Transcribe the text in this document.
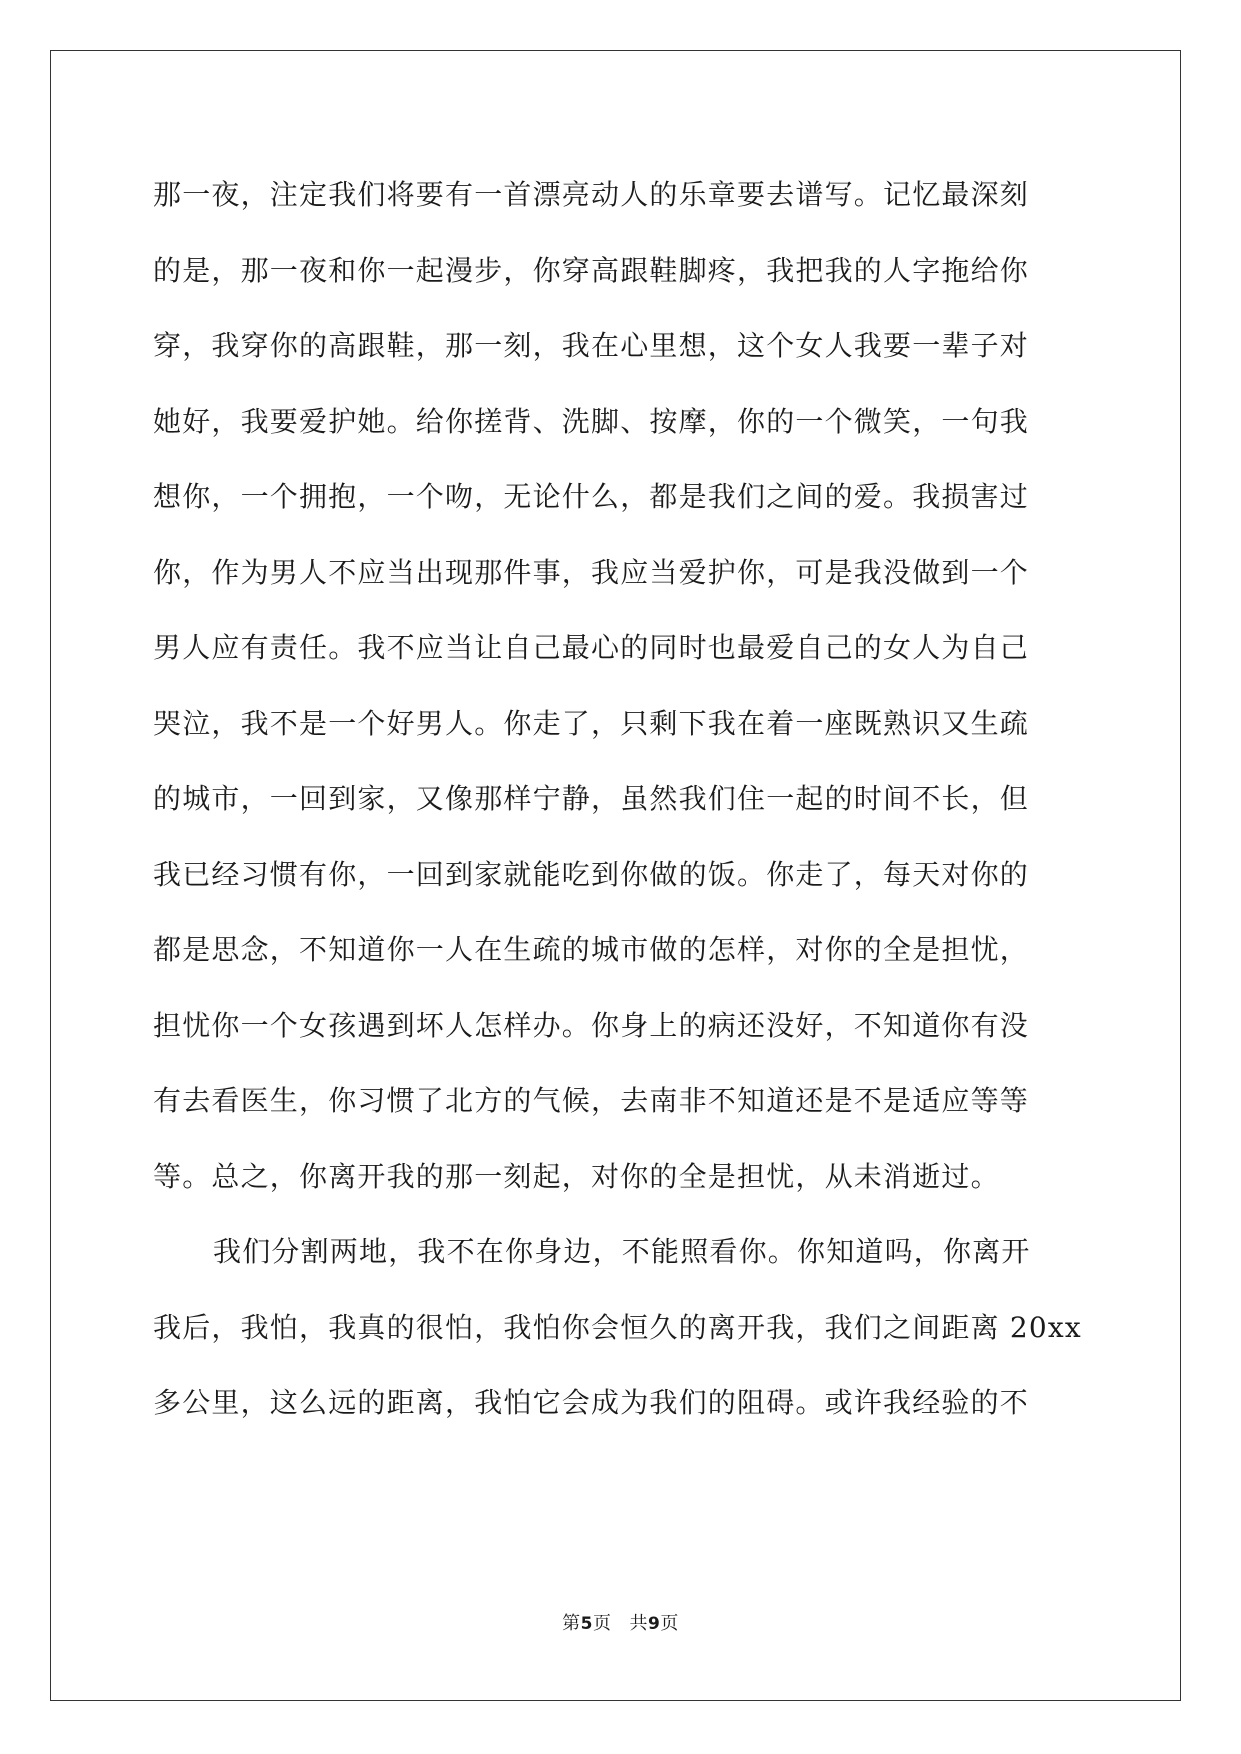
那一夜，注定我们将要有一首漂亮动人的乐章要去谱写。记忆最深刻
的是，那一夜和你一起漫步，你穿高跟鞋脚疼，我把我的人字拖给你
穿，我穿你的高跟鞋，那一刻，我在心里想，这个女人我要一辈子对
她好，我要爱护她。给你搓背、洗脚、按摩，你的一个微笑，一句我
想你，一个拥抱，一个吻，无论什么，都是我们之间的爱。我损害过
你，作为男人不应当出现那件事，我应当爱护你，可是我没做到一个
男人应有责任。我不应当让自己最心的同时也最爱自己的女人为自己
哭泣，我不是一个好男人。你走了，只剩下我在着一座既熟识又生疏
的城市，一回到家，又像那样宁静，虽然我们住一起的时间不长，但
我已经习惯有你，一回到家就能吃到你做的饭。你走了，每天对你的
都是思念，不知道你一人在生疏的城市做的怎样，对你的全是担忧，
担忧你一个女孩遇到坏人怎样办。你身上的病还没好，不知道你有没
有去看医生，你习惯了北方的气候，去南非不知道还是不是适应等等
等。总之，你离开我的那一刻起，对你的全是担忧，从未消逝过。
我们分割两地，我不在你身边，不能照看你。你知道吗，你离开
我后，我怕，我真的很怕，我怕你会恒久的离开我，我们之间距离 20xx
多公里，这么远的距离，我怕它会成为我们的阻碍。或许我经验的不
第5页 共9页
